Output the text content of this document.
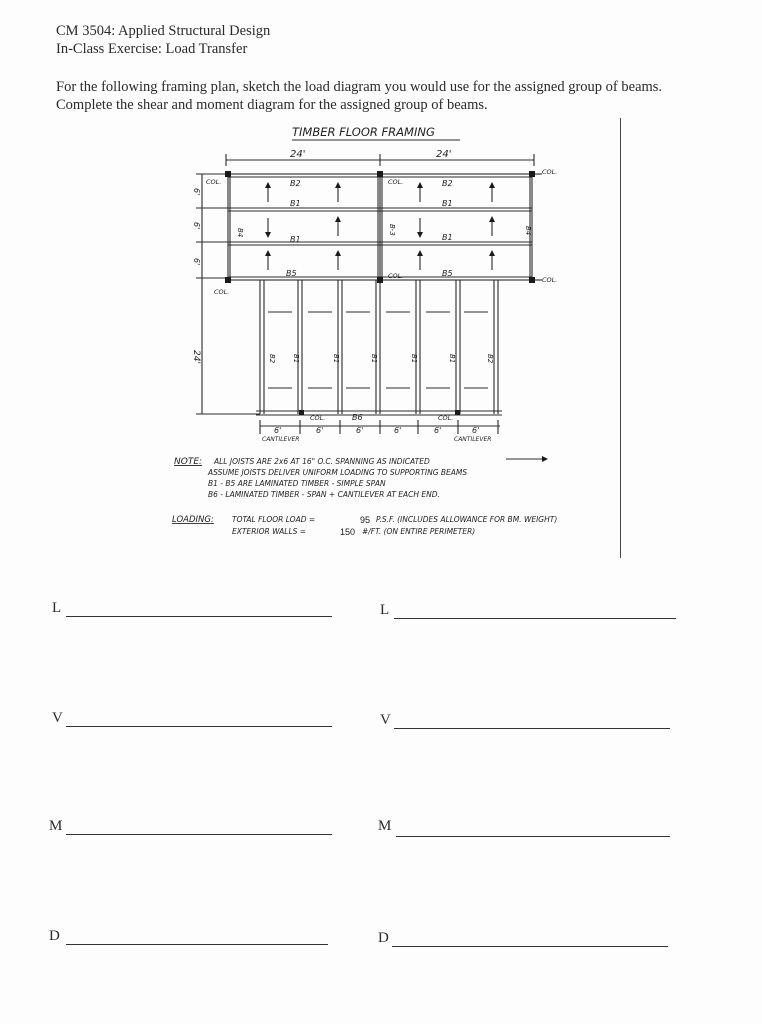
CM 3504: Applied Structural Design
In-Class Exercise: Load Transfer
For the following framing plan, sketch the load diagram you would use for the assigned group of beams.
Complete the shear and moment diagram for the assigned group of beams.
TIMBER FLOOR FRAMING
24'	24'
COL.	COL.
COL.
COL.	COL.
COL.
COL.	COL.
B2	B2
B1	B1
B1	B1
B5	B5
B6
B4	B-3	B4
B2 B1	B1	B1	B1	B1	B2
6'
6'
6'
24'
6'	6'	6'	6'	6'	6'
CANTILEVER	CANTILEVER
NOTE: ALL JOISTS ARE 2x6 AT 16" O.C. SPANNING AS INDICATED
ASSUME JOISTS DELIVER UNIFORM LOADING TO SUPPORTING BEAMS
B1 - B5 ARE LAMINATED TIMBER - SIMPLE SPAN
B6 - LAMINATED TIMBER - SPAN + CANTILEVER AT EACH END.
LOADING: TOTAL FLOOR LOAD =	95 P.S.F. (INCLUDES ALLOWANCE FOR BM. WEIGHT)
EXTERIOR WALLS =	150 #/FT. (ON ENTIRE PERIMETER)
L
V
M
D
L
V
M
D
